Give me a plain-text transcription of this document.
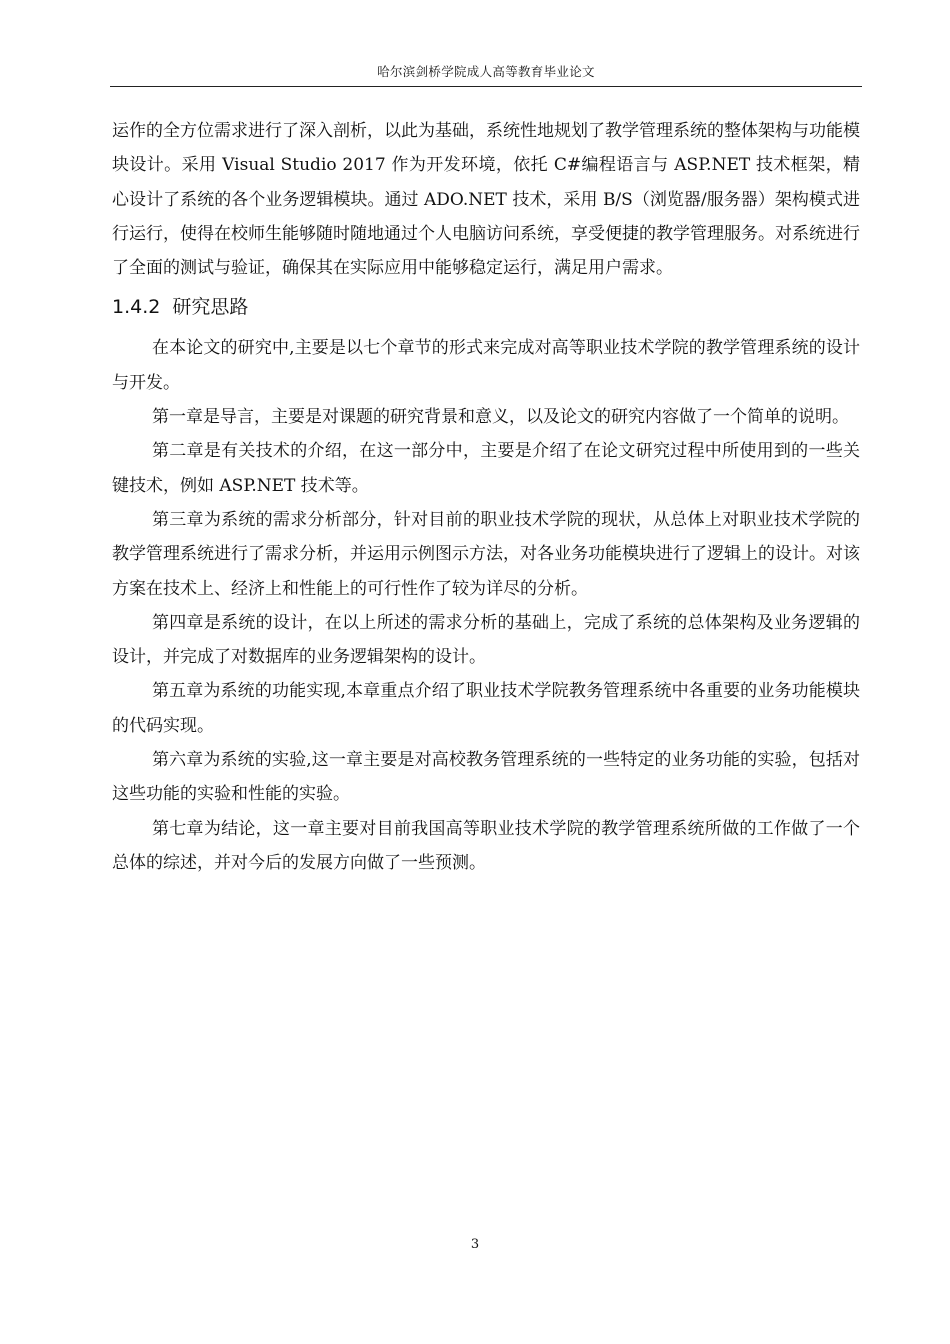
哈尔滨剑桥学院成人高等教育毕业论文

运作的全方位需求进行了深入剖析，以此为基础，系统性地规划了教学管理系统的整体架构与功能模块设计。采用 Visual Studio 2017 作为开发环境，依托 C#编程语言与 ASP.NET 技术框架，精心设计了系统的各个业务逻辑模块。通过 ADO.NET 技术，采用 B/S（浏览器/服务器）架构模式进行运行，使得在校师生能够随时随地通过个人电脑访问系统，享受便捷的教学管理服务。对系统进行了全面的测试与验证，确保其在实际应用中能够稳定运行，满足用户需求。

1.4.2 研究思路

在本论文的研究中,主要是以七个章节的形式来完成对高等职业技术学院的教学管理系统的设计与开发。

第一章是导言，主要是对课题的研究背景和意义，以及论文的研究内容做了一个简单的说明。

第二章是有关技术的介绍，在这一部分中，主要是介绍了在论文研究过程中所使用到的一些关键技术，例如 ASP.NET 技术等。

第三章为系统的需求分析部分，针对目前的职业技术学院的现状，从总体上对职业技术学院的教学管理系统进行了需求分析，并运用示例图示方法，对各业务功能模块进行了逻辑上的设计。对该方案在技术上、经济上和性能上的可行性作了较为详尽的分析。

第四章是系统的设计，在以上所述的需求分析的基础上，完成了系统的总体架构及业务逻辑的设计，并完成了对数据库的业务逻辑架构的设计。

第五章为系统的功能实现,本章重点介绍了职业技术学院教务管理系统中各重要的业务功能模块的代码实现。

第六章为系统的实验,这一章主要是对高校教务管理系统的一些特定的业务功能的实验，包括对这些功能的实验和性能的实验。

第七章为结论，这一章主要对目前我国高等职业技术学院的教学管理系统所做的工作做了一个总体的综述，并对今后的发展方向做了一些预测。

3
